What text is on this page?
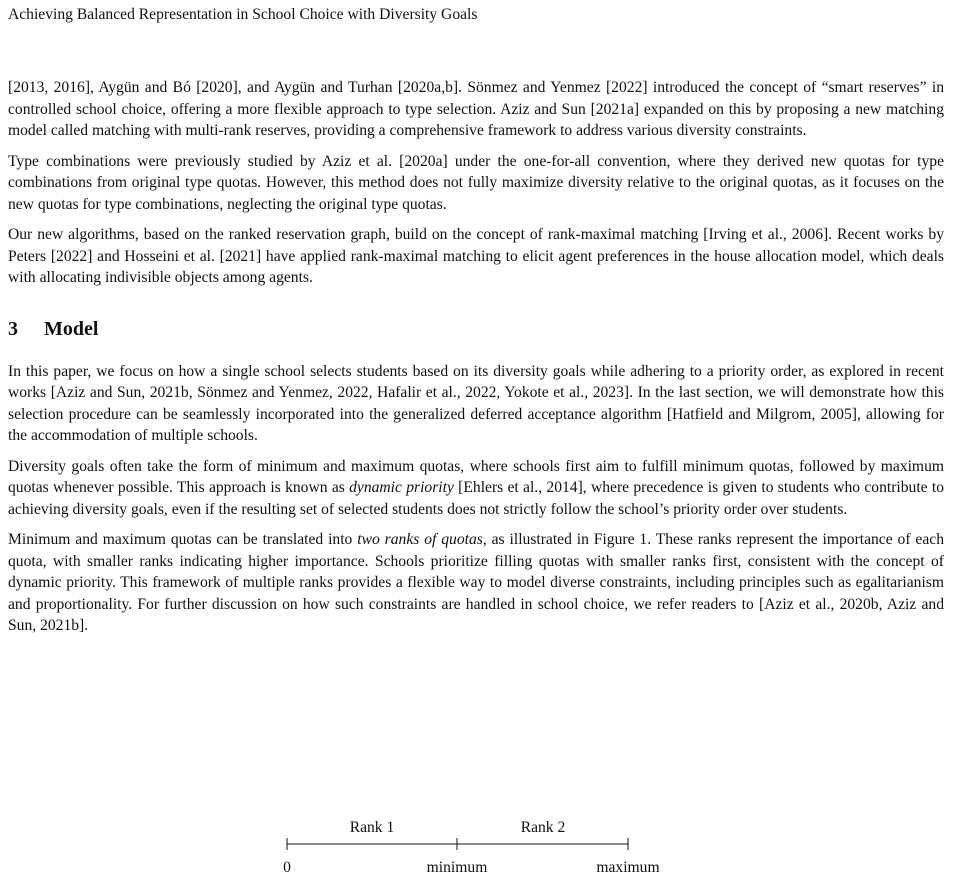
Achieving Balanced Representation in School Choice with Diversity Goals

[2013, 2016], Aygün and Bó [2020], and Aygün and Turhan [2020a,b]. Sönmez and Yenmez [2022] introduced the concept of “smart reserves” in controlled school choice, offering a more flexible approach to type selection. Aziz and Sun [2021a] expanded on this by proposing a new matching model called matching with multi-rank reserves, providing a comprehensive framework to address various diversity constraints.

Type combinations were previously studied by Aziz et al. [2020a] under the one-for-all convention, where they derived new quotas for type combinations from original type quotas. However, this method does not fully maximize diversity relative to the original quotas, as it focuses on the new quotas for type combinations, neglecting the original type quotas.

Our new algorithms, based on the ranked reservation graph, build on the concept of rank-maximal matching [Irving et al., 2006]. Recent works by Peters [2022] and Hosseini et al. [2021] have applied rank-maximal matching to elicit agent preferences in the house allocation model, which deals with allocating indivisible objects among agents.

3 Model

In this paper, we focus on how a single school selects students based on its diversity goals while adhering to a priority order, as explored in recent works [Aziz and Sun, 2021b, Sönmez and Yenmez, 2022, Hafalir et al., 2022, Yokote et al., 2023]. In the last section, we will demonstrate how this selection procedure can be seamlessly incorporated into the generalized deferred acceptance algorithm [Hatfield and Milgrom, 2005], allowing for the accommodation of multiple schools.

Diversity goals often take the form of minimum and maximum quotas, where schools first aim to fulfill minimum quotas, followed by maximum quotas whenever possible. This approach is known as dynamic priority [Ehlers et al., 2014], where precedence is given to students who contribute to achieving diversity goals, even if the resulting set of selected students does not strictly follow the school’s priority order over students.

Minimum and maximum quotas can be translated into two ranks of quotas, as illustrated in Figure 1. These ranks represent the importance of each quota, with smaller ranks indicating higher importance. Schools prioritize filling quotas with smaller ranks first, consistent with the concept of dynamic priority. This framework of multiple ranks provides a flexible way to model diverse constraints, including principles such as egalitarianism and proportionality. For further discussion on how such constraints are handled in school choice, we refer readers to [Aziz et al., 2020b, Aziz and Sun, 2021b].

Rank 1	Rank 2
0	minimum	maximum
